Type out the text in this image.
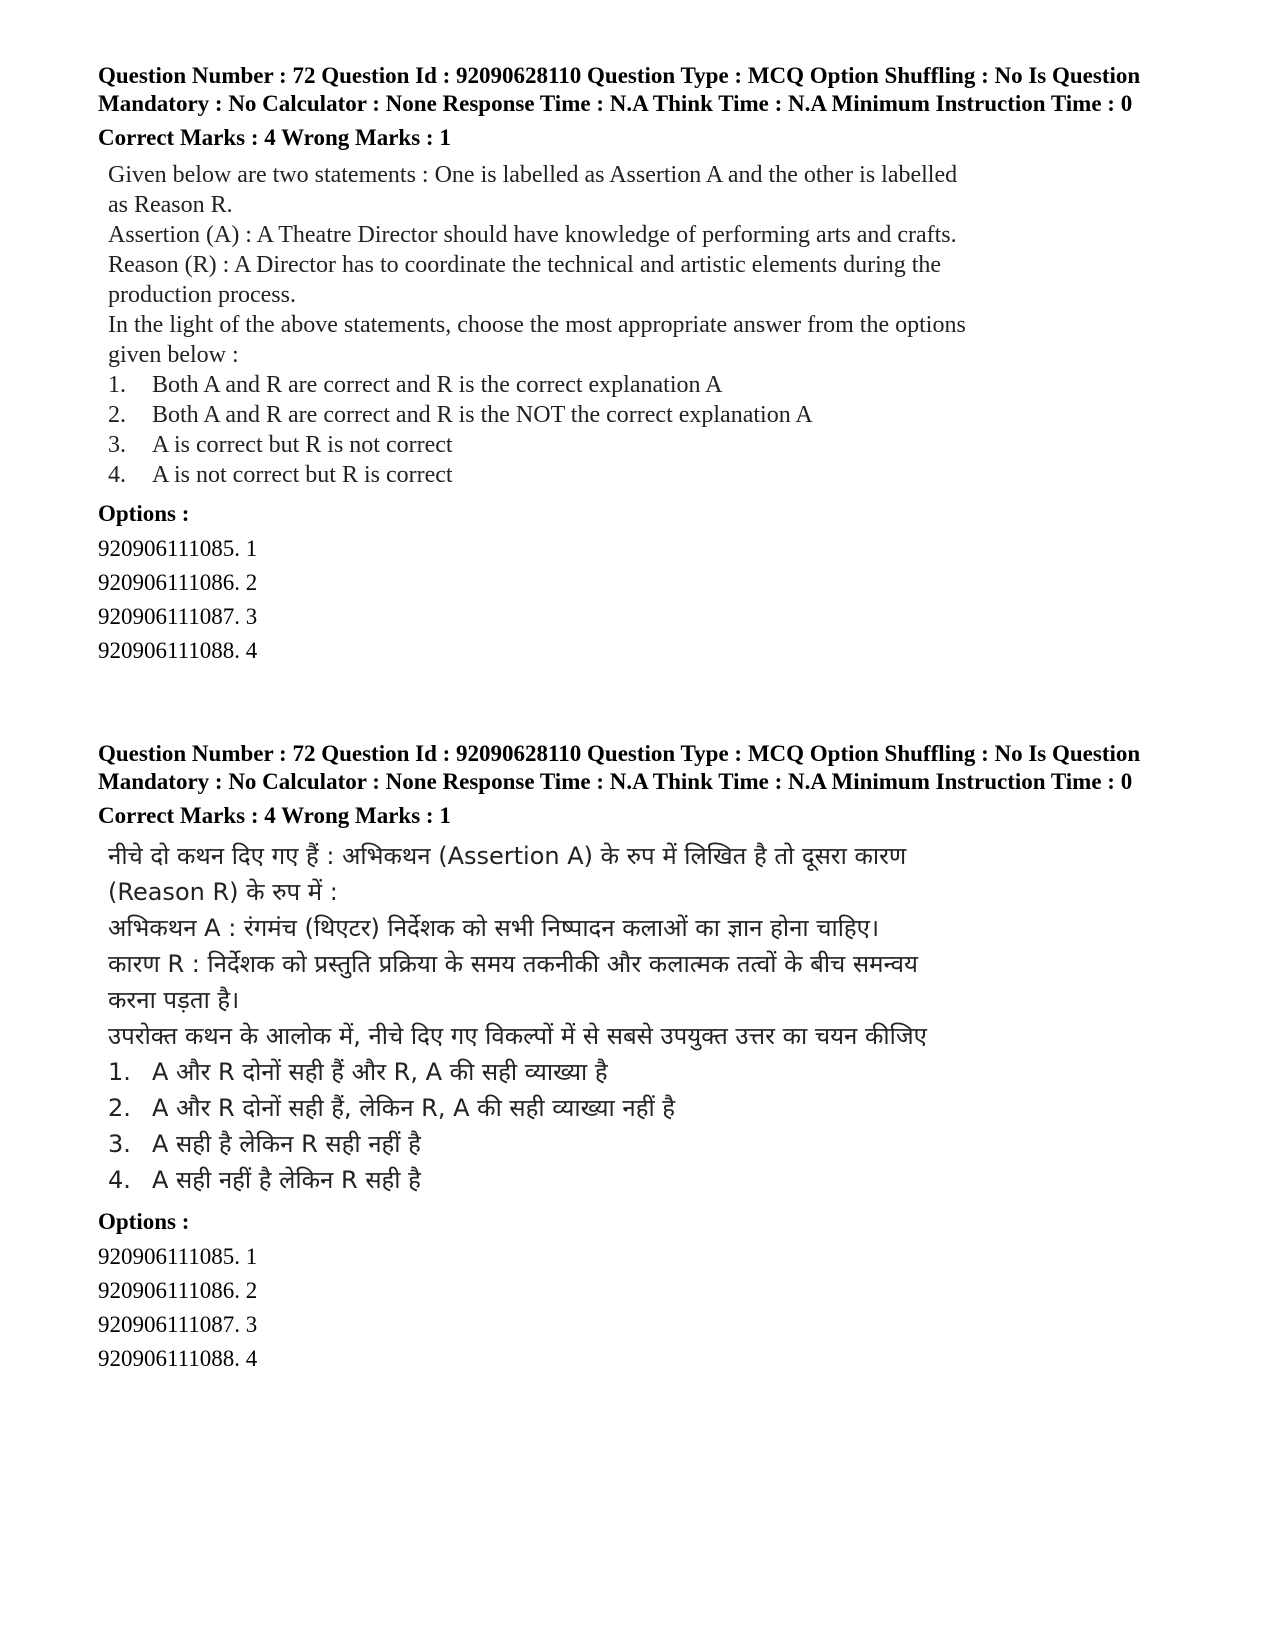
Question Number : 72 Question Id : 92090628110 Question Type : MCQ Option Shuffling : No Is Question Mandatory : No Calculator : None Response Time : N.A Think Time : N.A Minimum Instruction Time : 0
Correct Marks : 4 Wrong Marks : 1

Given below are two statements : One is labelled as Assertion A and the other is labelled as Reason R.

Assertion (A) : A Theatre Director should have knowledge of performing arts and crafts.

Reason (R) : A Director has to coordinate the technical and artistic elements during the production process.

In the light of the above statements, choose the most appropriate answer from the options given below :

1.	Both A and R are correct and R is the correct explanation A
2.	Both A and R are correct and R is the NOT the correct explanation A
3.	A is correct but R is not correct
4.	A is not correct but R is correct
Options :
920906111085. 1
920906111086. 2
920906111087. 3
920906111088. 4
Question Number : 72 Question Id : 92090628110 Question Type : MCQ Option Shuffling : No Is Question Mandatory : No Calculator : None Response Time : N.A Think Time : N.A Minimum Instruction Time : 0
Correct Marks : 4 Wrong Marks : 1

नीचे दो कथन दिए गए हैं : अभिकथन (Assertion A) के रुप में लिखित है तो दूसरा कारण (Reason R) के रुप में :

अभिकथन A : रंगमंच (थिएटर) निर्देशक को सभी निष्पादन कलाओं का ज्ञान होना चाहिए।

कारण R : निर्देशक को प्रस्तुति प्रक्रिया के समय तकनीकी और कलात्मक तत्वों के बीच समन्वय करना पड़ता है।

उपरोक्त कथन के आलोक में, नीचे दिए गए विकल्पों में से सबसे उपयुक्त उत्तर का चयन कीजिए

1. A और R दोनों सही हैं और R, A की सही व्याख्या है
2. A और R दोनों सही हैं, लेकिन R, A की सही व्याख्या नहीं है
3. A सही है लेकिन R सही नहीं है
4. A सही नहीं है लेकिन R सही है
Options :
920906111085. 1
920906111086. 2
920906111087. 3
920906111088. 4
